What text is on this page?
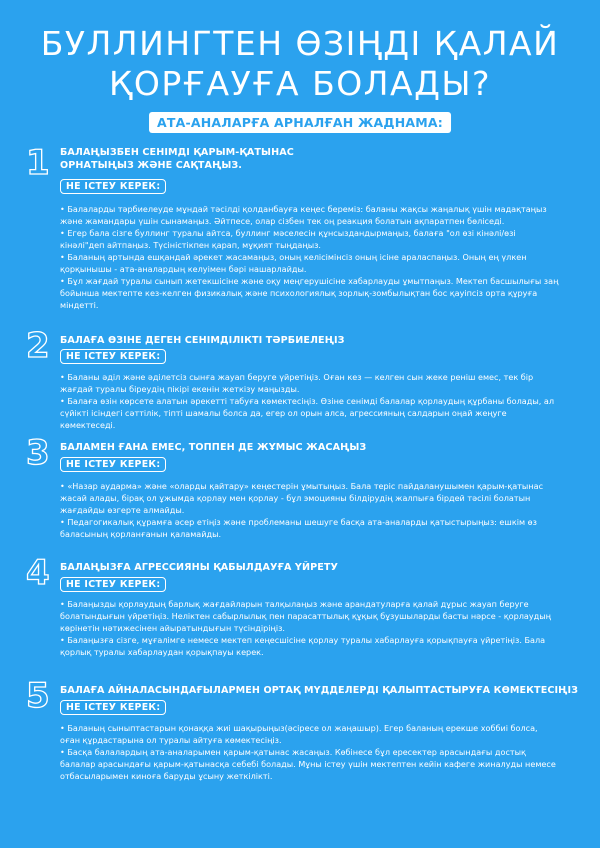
БУЛЛИНГТЕН ӨЗІҢДІ ҚАЛАЙ
ҚОРҒАУҒА БОЛАДЫ?
АТА-АНАЛАРҒА АРНАЛҒАН ЖАДНАМА:
1 БАЛАҢЫЗБЕН СЕНІМДІ ҚАРЫМ-ҚАТЫНАС
ОРНАТЫҢЫЗ ЖӘНЕ САҚТАҢЫЗ.
НЕ ІСТЕУ КЕРЕК:

• Балаларды тәрбиелеуде мұндай тәсілді қолданбауға кеңес береміз: баланы жақсы жаңалық үшін мадақтаңыз және жамандары үшін сынамаңыз. Әйтпесе, олар сізбен тек оң реакция болатын ақпаратпен бөліседі.

• Егер бала сізге буллинг туралы айтса, буллинг мәселесін құнсыздандырмаңыз, балаға "ол өзі кінәлі/өзі кінәлі"деп айтпаңыз. Түсіністікпен қарап, мұқият тыңдаңыз.

• Баланың артында ешқандай әрекет жасамаңыз, оның келісімінсіз оның ісіне араласпаңыз. Оның ең үлкен қорқынышы - ата-аналардың келуімен бәрі нашарлайды.

• Бұл жағдай туралы сынып жетекшісіне және оқу меңгерушісіне хабарлауды ұмытпаңыз. Мектеп басшылығы заң бойынша мектепте кез-келген физикалық және психологиялық зорлық-зомбылықтан бос қауіпсіз орта құруға міндетті.

2 БАЛАҒА ӨЗІНЕ ДЕГЕН СЕНІМДІЛІКТІ ТӘРБИЕЛЕҢІЗ
НЕ ІСТЕУ КЕРЕК:

• Баланы әділ және әділетсіз сынға жауап беруге үйретіңіз. Оған кез — келген сын жеке реніш емес, тек бір жағдай туралы біреудің пікірі екенін жеткізу маңызды.

• Балаға өзін көрсете алатын әрекетті табуға көмектесіңіз. Өзіне сенімді балалар қорлаудың құрбаны болады, ал сүйікті ісіндегі сәттілік, тіпті шамалы болса да, егер ол орын алса, агрессияның салдарын оңай жеңуге көмектеседі.

3 БАЛАМЕН ҒАНА ЕМЕС, ТОППЕН ДЕ ЖҰМЫС ЖАСАҢЫЗ
НЕ ІСТЕУ КЕРЕК:

• «Назар аударма» және «оларды қайтару» кеңестерін ұмытыңыз. Бала теріс пайдаланушымен қарым-қатынас жасай алады, бірақ ол ұжымда қорлау мен қорлау - бұл эмоцияны білдірудің жалпыға бірдей тәсілі болатын жағдайды өзгерте алмайды.

• Педагогикалық құрамға әсер етіңіз және проблеманы шешуге басқа ата-аналарды қатыстырыңыз: ешкім өз баласының қорланғанын қаламайды.

4 БАЛАҢЫЗҒА АГРЕССИЯНЫ ҚАБЫЛДАУҒА ҮЙРЕТУ
НЕ ІСТЕУ КЕРЕК:

• Балаңызды қорлаудың барлық жағдайларын талқылаңыз және арандатуларға қалай дұрыс жауап беруге болатындығын үйретіңіз. Неліктен сабырлылық пен парасаттылық құқық бұзушыларды басты нәрсе - қорлаудың көрінетін нәтижесінен айыратындығын түсіндіріңіз.

• Балаңызға сізге, мұғалімге немесе мектеп кеңесшісіне қорлау туралы хабарлауға қорықпауға үйретіңіз. Бала қорлық туралы хабарлаудан қорықпауы керек.

5 БАЛАҒА АЙНАЛАСЫНДАҒЫЛАРМЕН ОРТАҚ МҮДДЕЛЕРДІ ҚАЛЫПТАСТЫРУҒА КӨМЕКТЕСІҢІЗ
НЕ ІСТЕУ КЕРЕК:

• Баланың сыныптастарын қонаққа жиі шақырыңыз(әсіресе ол жаңашыр). Егер баланың ерекше хоббиі болса, оған құрдастарына ол туралы айтуға көмектесіңіз.

• Басқа балалардың ата-аналарымен қарым-қатынас жасаңыз. Көбінесе бұл ересектер арасындағы достық балалар арасындағы қарым-қатынасқа себебі болады. Мұны істеу үшін мектептен кейін кафеге жиналуды немесе отбасыларымен киноға баруды ұсыну жеткілікті.
